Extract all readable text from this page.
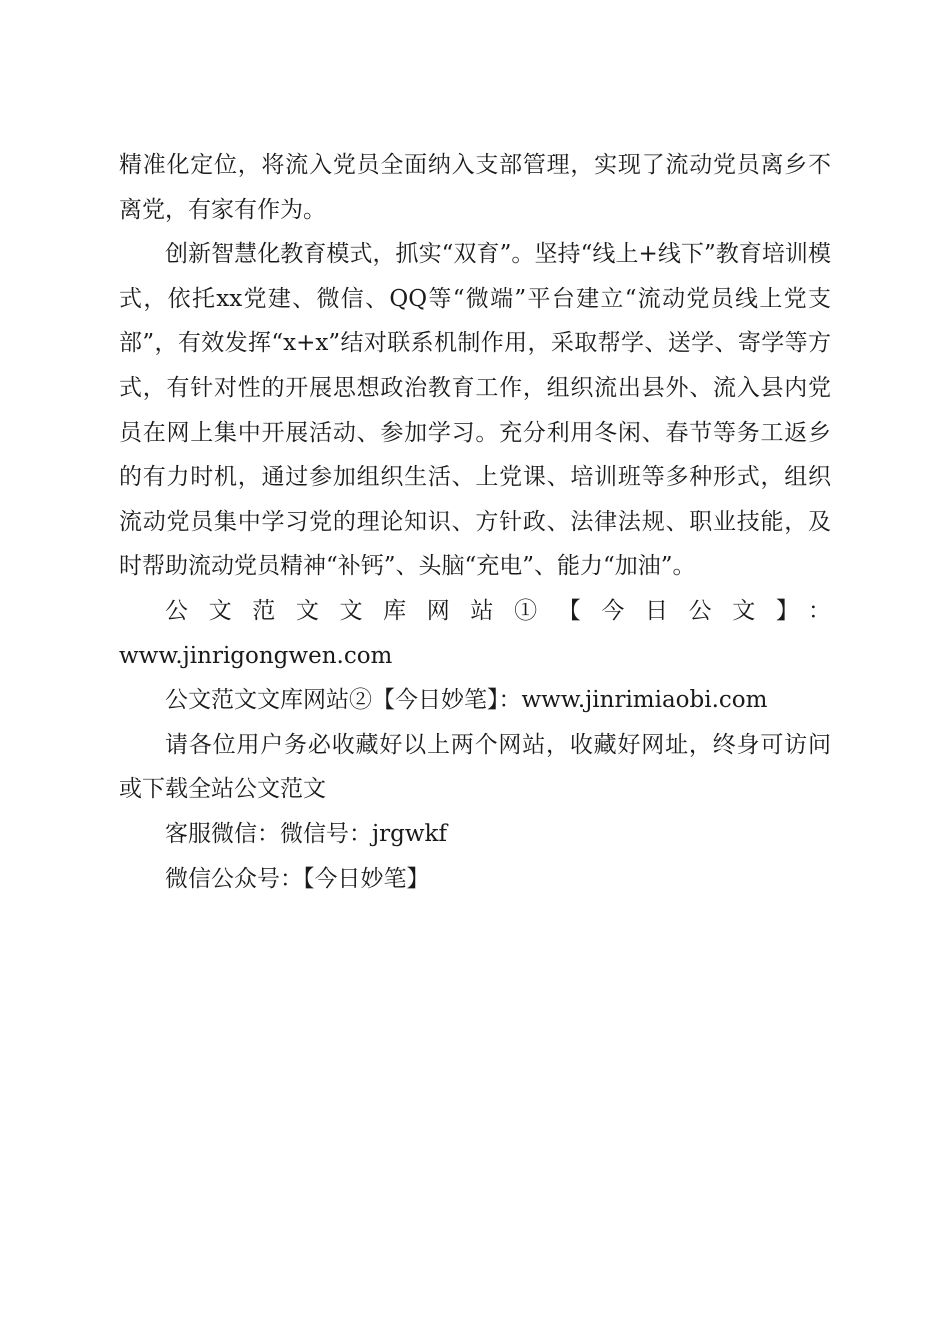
精准化定位，将流入党员全面纳入支部管理，实现了流动党员离乡不离党，有家有作为。

创新智慧化教育模式，抓实“双育”。坚持“线上+线下”教育培训模式，依托xx党建、微信、QQ等“微端”平台建立“流动党员线上党支部”，有效发挥“x+x”结对联系机制作用，采取帮学、送学、寄学等方式，有针对性的开展思想政治教育工作，组织流出县外、流入县内党员在网上集中开展活动、参加学习。充分利用冬闲、春节等务工返乡的有力时机，通过参加组织生活、上党课、培训班等多种形式，组织流动党员集中学习党的理论知识、方针政、法律法规、职业技能，及时帮助流动党员精神“补钙”、头脑“充电”、能力“加油”。

公文范文文库网站①【今日公文】：

www.jinrigongwen.com

公文范文文库网站②【今日妙笔】：www.jinrimiaobi.com

请各位用户务必收藏好以上两个网站，收藏好网址，终身可访问或下载全站公文范文

客服微信：微信号：jrgwkf

微信公众号：【今日妙笔】
